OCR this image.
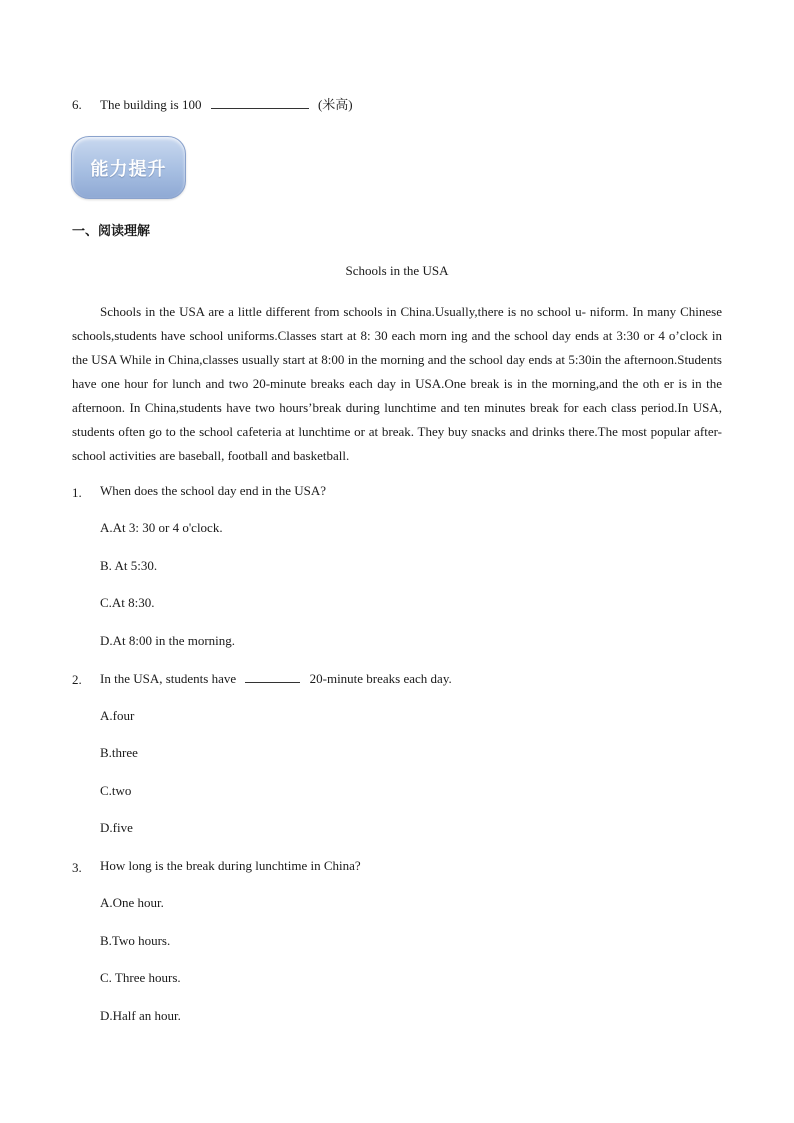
6. The building is 100	(米高)
能力提升
一、阅读理解
Schools in the USA

Schools in the USA are a little different from schools in China.Usually,there is no school u- niform. In many Chinese schools,students have school uniforms.Classes start at 8: 30 each morn ing and the school day ends at 3:30 or 4 o’clock in the USA While in China,classes usually start at 8:00 in the morning and the school day ends at 5:30in the afternoon.Students have one hour for lunch and two 20-minute breaks each day in USA.One break is in the morning,and the oth er is in the afternoon. In China,students have two hours’break during lunchtime and ten minutes break for each class period.In USA, students often go to the school cafeteria at lunchtime or at break. They buy snacks and drinks there.The most popular after-school activities are baseball, football and basketball.

1. When does the school day end in the USA?
A.At 3: 30 or 4 o'clock.
B. At 5:30.
C.At 8:30.
D.At 8:00 in the morning.
2. In the USA, students have	20-minute breaks each day.
A.four
B.three
C.two
D.five
3. How long is the break during lunchtime in China?
A.One hour.
B.Two hours.
C. Three hours.
D.Half an hour.
